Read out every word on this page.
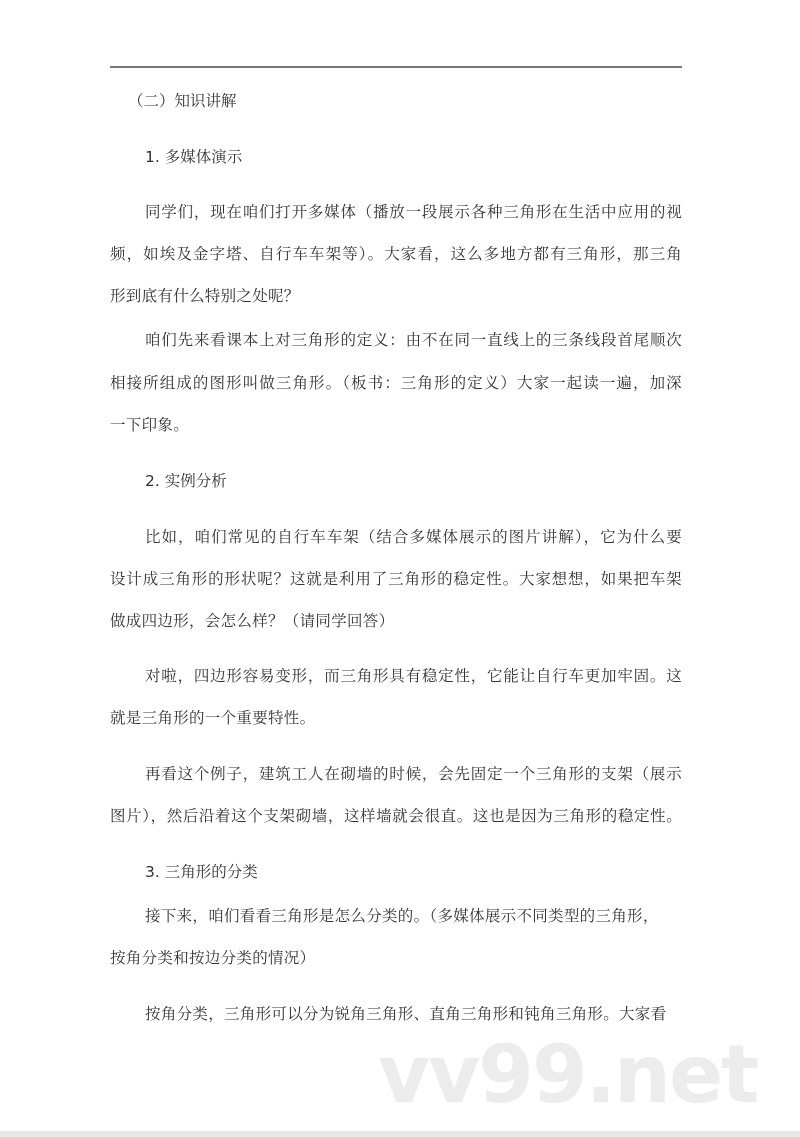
（二）知识讲解
1. 多媒体演示
同学们，现在咱们打开多媒体（播放一段展示各种三角形在生活中应用的视
频，如埃及金字塔、自行车车架等）。大家看，这么多地方都有三角形，那三角
形到底有什么特别之处呢？
咱们先来看课本上对三角形的定义：由不在同一直线上的三条线段首尾顺次
相接所组成的图形叫做三角形。（板书：三角形的定义）大家一起读一遍，加深
一下印象。
2. 实例分析
比如，咱们常见的自行车车架（结合多媒体展示的图片讲解），它为什么要
设计成三角形的形状呢？这就是利用了三角形的稳定性。大家想想，如果把车架
做成四边形，会怎么样？（请同学回答）
对啦，四边形容易变形，而三角形具有稳定性，它能让自行车更加牢固。这
就是三角形的一个重要特性。
再看这个例子，建筑工人在砌墙的时候，会先固定一个三角形的支架（展示
图片），然后沿着这个支架砌墙，这样墙就会很直。这也是因为三角形的稳定性。
3. 三角形的分类
接下来，咱们看看三角形是怎么分类的。（多媒体展示不同类型的三角形，
按角分类和按边分类的情况）
按角分类，三角形可以分为锐角三角形、直角三角形和钝角三角形。大家看
vv99.net
